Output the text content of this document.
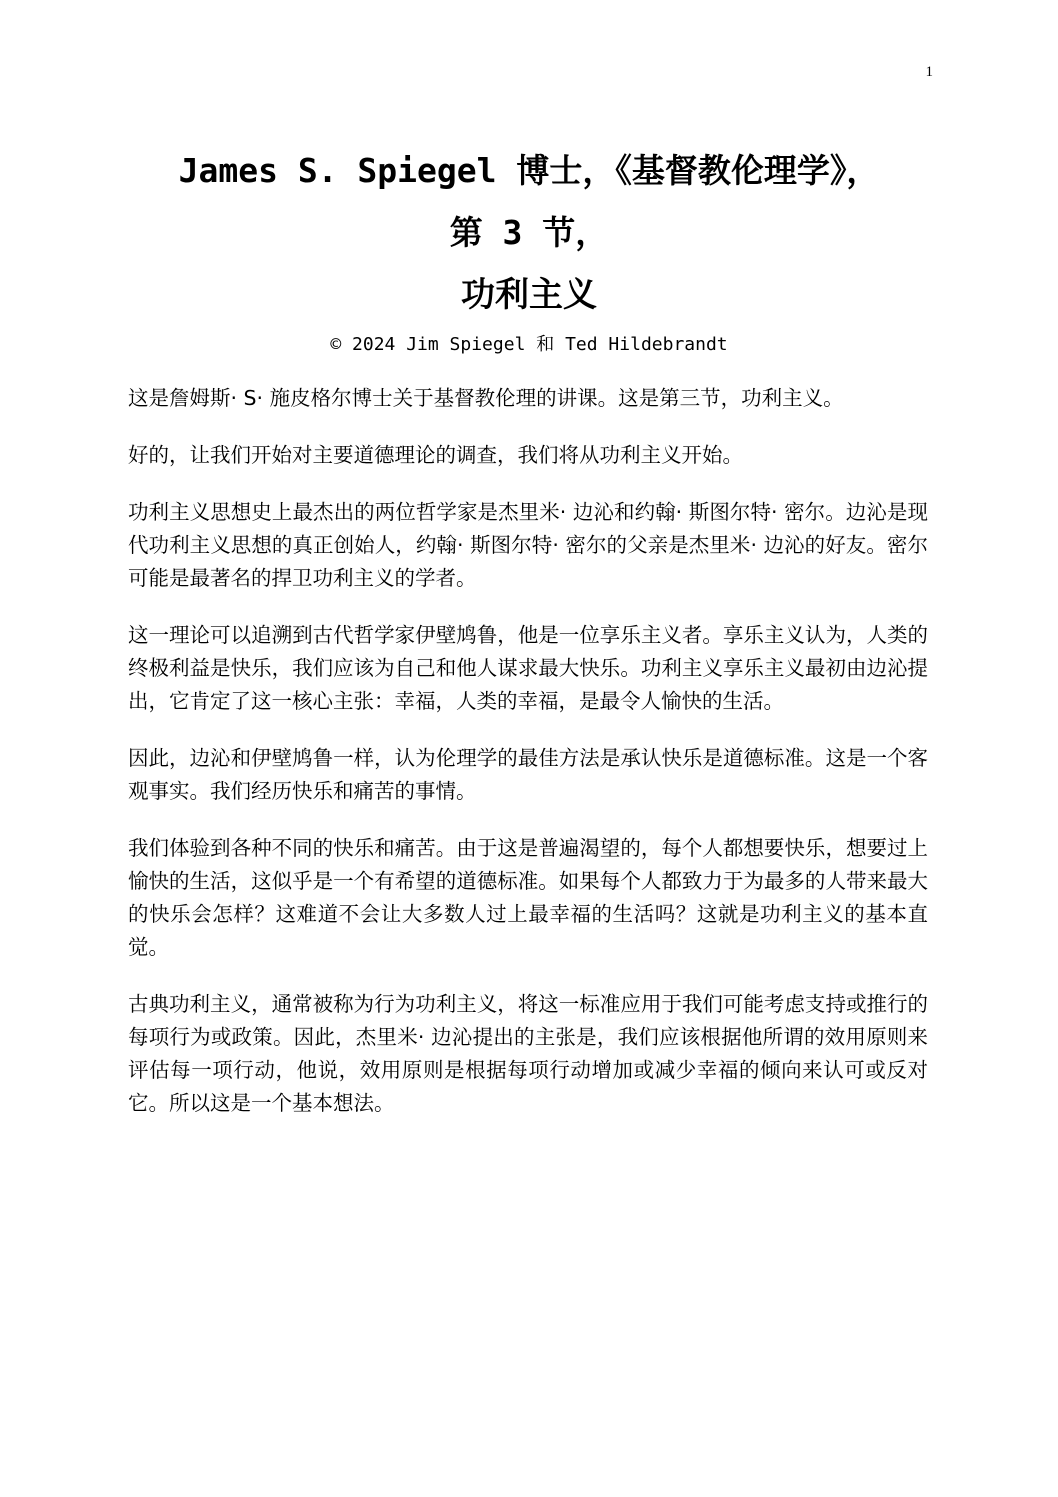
1
James S. Spiegel 博士，《基督教伦理学》，
第 3 节，
功利主义
© 2024 Jim Spiegel 和 Ted Hildebrandt

这是詹姆斯· S· 施皮格尔博士关于基督教伦理的讲课。这是第三节，功利主义。

好的，让我们开始对主要道德理论的调查，我们将从功利主义开始。

功利主义思想史上最杰出的两位哲学家是杰里米· 边沁和约翰· 斯图尔特· 密尔。边沁是现代功利主义思想的真正创始人，约翰· 斯图尔特· 密尔的父亲是杰里米· 边沁的好友。密尔可能是最著名的捍卫功利主义的学者。

这一理论可以追溯到古代哲学家伊壁鸠鲁，他是一位享乐主义者。享乐主义认为，人类的终极利益是快乐，我们应该为自己和他人谋求最大快乐。功利主义享乐主义最初由边沁提出，它肯定了这一核心主张：幸福，人类的幸福，是最令人愉快的生活。

因此，边沁和伊壁鸠鲁一样，认为伦理学的最佳方法是承认快乐是道德标准。这是一个客观事实。我们经历快乐和痛苦的事情。

我们体验到各种不同的快乐和痛苦。由于这是普遍渴望的，每个人都想要快乐，想要过上愉快的生活，这似乎是一个有希望的道德标准。如果每个人都致力于为最多的人带来最大的快乐会怎样？这难道不会让大多数人过上最幸福的生活吗？这就是功利主义的基本直觉。

古典功利主义，通常被称为行为功利主义，将这一标准应用于我们可能考虑支持或推行的每项行为或政策。因此，杰里米· 边沁提出的主张是，我们应该根据他所谓的效用原则来评估每一项行动，他说，效用原则是根据每项行动增加或减少幸福的倾向来认可或反对它。所以这是一个基本想法。
